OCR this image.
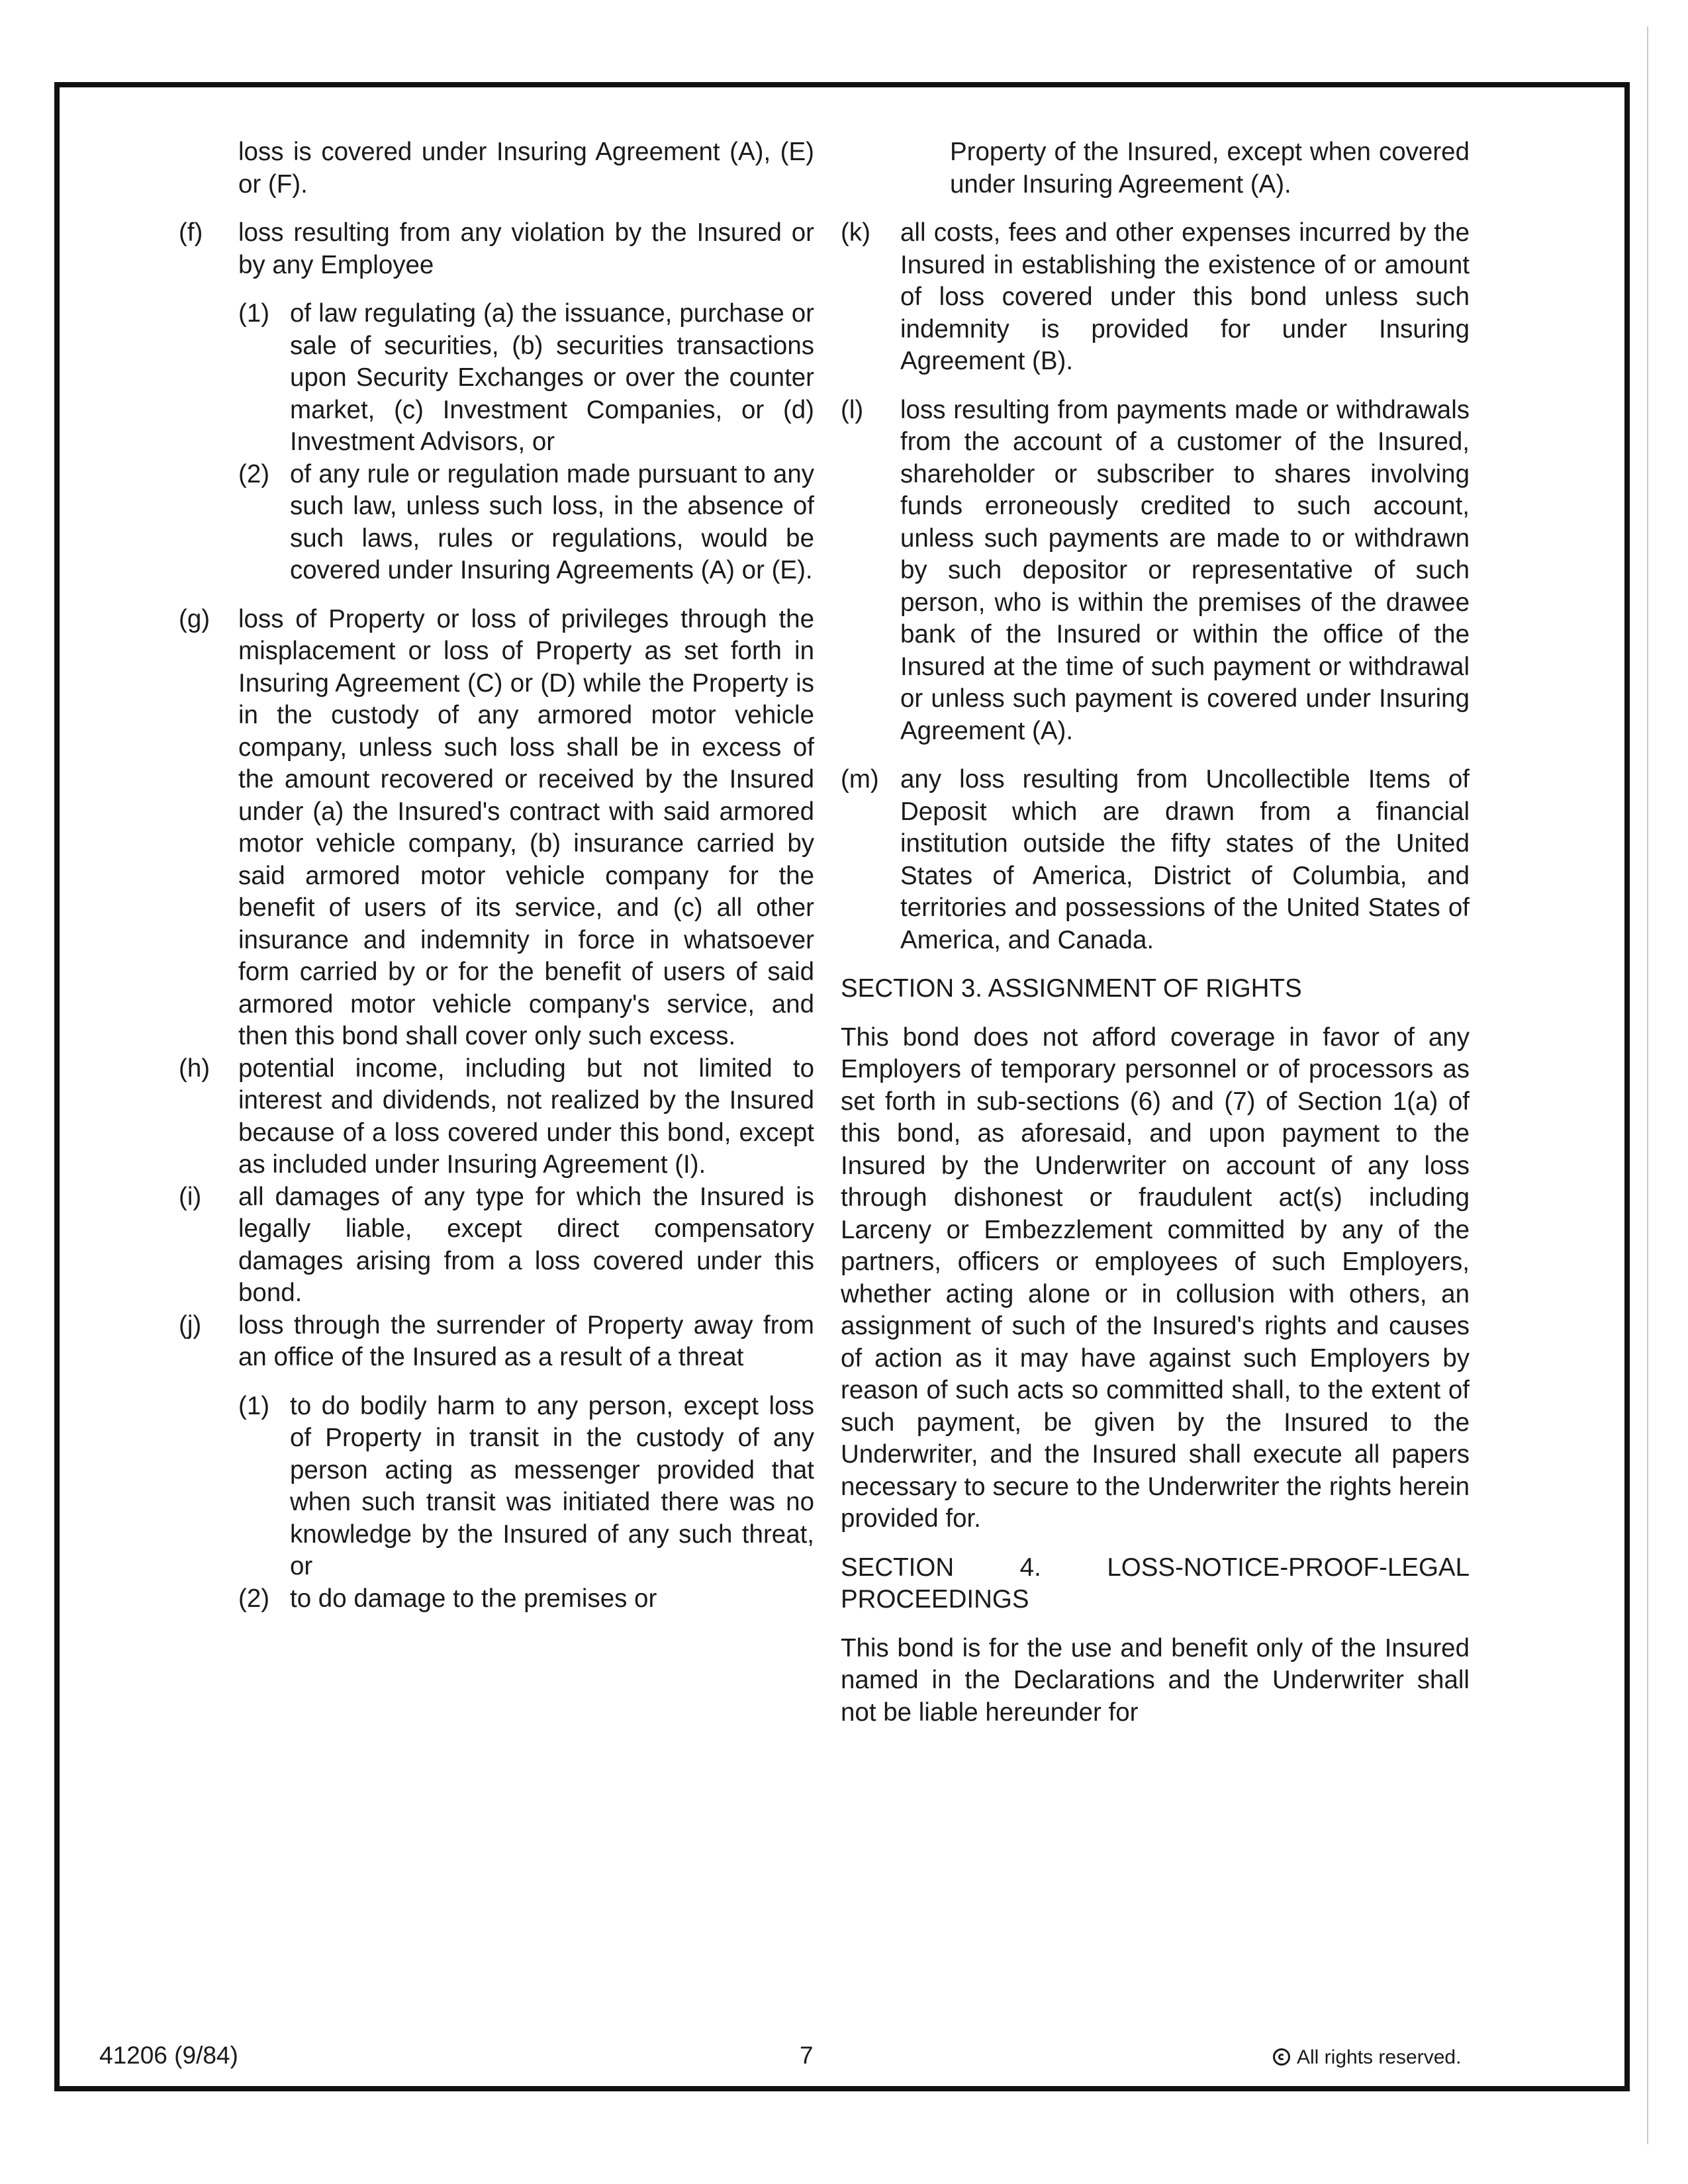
loss is covered under Insuring Agreement (A), (E) or (F).

(f)	loss resulting from any violation by the Insured or by any Employee

(1) of law regulating (a) the issuance, purchase or sale of securities, (b) securities transactions upon Security Exchanges or over the counter market, (c) Investment Companies, or (d) Investment Advisors, or

(2) of any rule or regulation made pursuant to any such law, unless such loss, in the absence of such laws, rules or regulations, would be covered under Insuring Agreements (A) or (E).

(g)	loss of Property or loss of privileges through the misplacement or loss of Property as set forth in Insuring Agreement (C) or (D) while the Property is in the custody of any armored motor vehicle company, unless such loss shall be in excess of the amount recovered or received by the Insured under (a) the Insured's contract with said armored motor vehicle company, (b) insurance carried by said armored motor vehicle company for the benefit of users of its service, and (c) all other insurance and indemnity in force in whatsoever form carried by or for the benefit of users of said armored motor vehicle company's service, and then this bond shall cover only such excess.

(h)	potential income, including but not limited to interest and dividends, not realized by the Insured because of a loss covered under this bond, except as included under Insuring Agreement (I).

(i)	all damages of any type for which the Insured is legally liable, except direct compensatory damages arising from a loss covered under this bond.

(j)	loss through the surrender of Property away from an office of the Insured as a result of a threat

(1) to do bodily harm to any person, except loss of Property in transit in the custody of any person acting as messenger provided that when such transit was initiated there was no knowledge by the Insured of any such threat, or

(2) to do damage to the premises or

Property of the Insured, except when covered under Insuring Agreement (A).

(k)	all costs, fees and other expenses incurred by the Insured in establishing the existence of or amount of loss covered under this bond unless such indemnity is provided for under Insuring Agreement (B).

(l)	loss resulting from payments made or withdrawals from the account of a customer of the Insured, shareholder or subscriber to shares involving funds erroneously credited to such account, unless such payments are made to or withdrawn by such depositor or representative of such person, who is within the premises of the drawee bank of the Insured or within the office of the Insured at the time of such payment or withdrawal or unless such payment is covered under Insuring Agreement (A).

(m) any loss resulting from Uncollectible Items of Deposit which are drawn from a financial institution outside the fifty states of the United States of America, District of Columbia, and territories and possessions of the United States of America, and Canada.

SECTION 3. ASSIGNMENT OF RIGHTS

This bond does not afford coverage in favor of any Employers of temporary personnel or of processors as set forth in sub-sections (6) and (7) of Section 1(a) of this bond, as aforesaid, and upon payment to the Insured by the Underwriter on account of any loss through dishonest or fraudulent act(s) including Larceny or Embezzlement committed by any of the partners, officers or employees of such Employers, whether acting alone or in collusion with others, an assignment of such of the Insured's rights and causes of action as it may have against such Employers by reason of such acts so committed shall, to the extent of such payment, be given by the Insured to the Underwriter, and the Insured shall execute all papers necessary to secure to the Underwriter the rights herein provided for.

SECTION 4. LOSS-NOTICE-PROOF-LEGAL PROCEEDINGS

This bond is for the use and benefit only of the Insured named in the Declarations and the Underwriter shall not be liable hereunder for

41206 (9/84)	7	All rights reserved.
